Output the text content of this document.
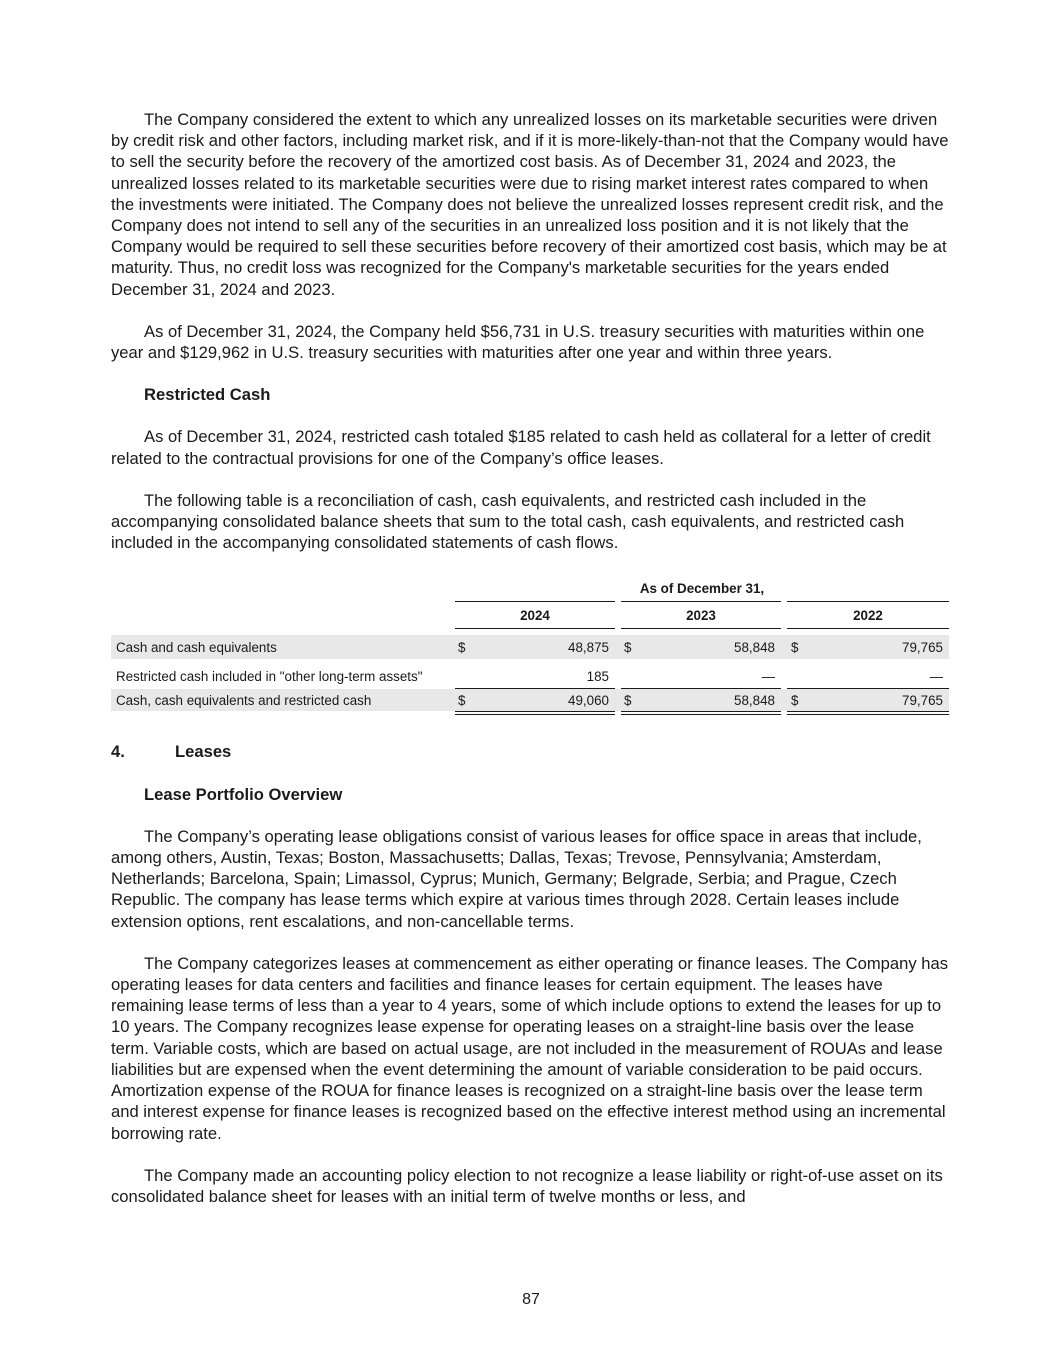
The Company considered the extent to which any unrealized losses on its marketable securities were driven by credit risk and other factors, including market risk, and if it is more-likely-than-not that the Company would have to sell the security before the recovery of the amortized cost basis. As of December 31, 2024 and 2023, the unrealized losses related to its marketable securities were due to rising market interest rates compared to when the investments were initiated. The Company does not believe the unrealized losses represent credit risk, and the Company does not intend to sell any of the securities in an unrealized loss position and it is not likely that the Company would be required to sell these securities before recovery of their amortized cost basis, which may be at maturity. Thus, no credit loss was recognized for the Company's marketable securities for the years ended December 31, 2024 and 2023.

As of December 31, 2024, the Company held $56,731 in U.S. treasury securities with maturities within one year and $129,962 in U.S. treasury securities with maturities after one year and within three years.

Restricted Cash

As of December 31, 2024, restricted cash totaled $185 related to cash held as collateral for a letter of credit related to the contractual provisions for one of the Company’s office leases.

The following table is a reconciliation of cash, cash equivalents, and restricted cash included in the accompanying consolidated balance sheets that sum to the total cash, cash equivalents, and restricted cash included in the accompanying consolidated statements of cash flows.

As of December 31,
2024	2023	2022
Cash and cash equivalents	$	48,875 $	58,848 $	79,765
Restricted cash included in "other long-term assets"	185	—	—
Cash, cash equivalents and restricted cash	$	49,060 $	58,848 $	79,765
4.	Leases
Lease Portfolio Overview

The Company’s operating lease obligations consist of various leases for office space in areas that include, among others, Austin, Texas; Boston, Massachusetts; Dallas, Texas; Trevose, Pennsylvania; Amsterdam, Netherlands; Barcelona, Spain; Limassol, Cyprus; Munich, Germany; Belgrade, Serbia; and Prague, Czech Republic. The company has lease terms which expire at various times through 2028. Certain leases include extension options, rent escalations, and non-cancellable terms.

The Company categorizes leases at commencement as either operating or finance leases. The Company has operating leases for data centers and facilities and finance leases for certain equipment. The leases have remaining lease terms of less than a year to 4 years, some of which include options to extend the leases for up to 10 years. The Company recognizes lease expense for operating leases on a straight-line basis over the lease term. Variable costs, which are based on actual usage, are not included in the measurement of ROUAs and lease liabilities but are expensed when the event determining the amount of variable consideration to be paid occurs. Amortization expense of the ROUA for finance leases is recognized on a straight-line basis over the lease term and interest expense for finance leases is recognized based on the effective interest method using an incremental borrowing rate.

The Company made an accounting policy election to not recognize a lease liability or right-of-use asset on its consolidated balance sheet for leases with an initial term of twelve months or less, and

87
